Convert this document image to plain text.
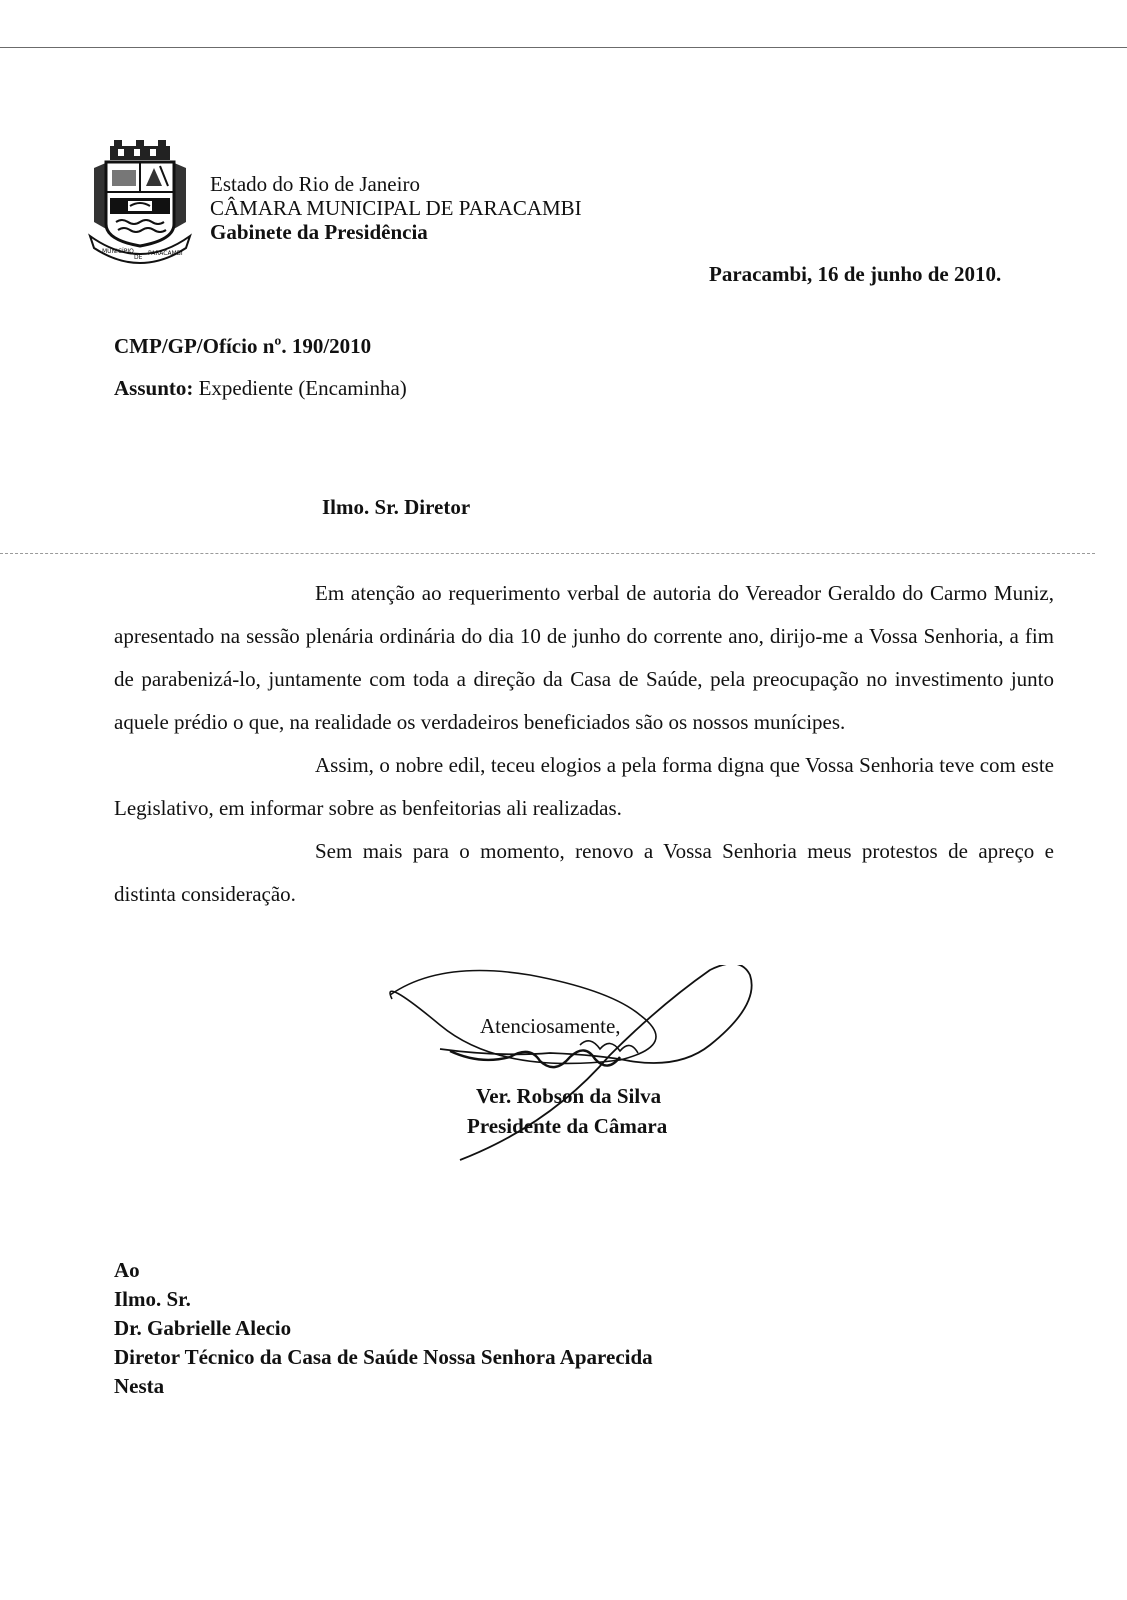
MUNICÍPIO
DE
PARACAMBI
Estado do Rio de Janeiro
CÂMARA MUNICIPAL DE PARACAMBI
Gabinete da Presidência
Paracambi, 16 de junho de 2010.
CMP/GP/Ofício nº. 190/2010
Assunto: Expediente (Encaminha)
Ilmo. Sr. Diretor

Em atenção ao requerimento verbal de autoria do Vereador Geraldo do Carmo Muniz, apresentado na sessão plenária ordinária do dia 10 de junho do corrente ano, dirijo-me a Vossa Senhoria, a fim de parabenizá-lo, juntamente com toda a direção da Casa de Saúde, pela preocupação no investimento junto aquele prédio o que, na realidade os verdadeiros beneficiados são os nossos munícipes.

Assim, o nobre edil, teceu elogios a pela forma digna que Vossa Senhoria teve com este Legislativo, em informar sobre as benfeitorias ali realizadas.

Sem mais para o momento, renovo a Vossa Senhoria meus protestos de apreço e distinta consideração.

Atenciosamente,
Ver. Robson da Silva
Presidente da Câmara
Ao
Ilmo. Sr.
Dr. Gabrielle Alecio
Diretor Técnico da Casa de Saúde Nossa Senhora Aparecida
Nesta
